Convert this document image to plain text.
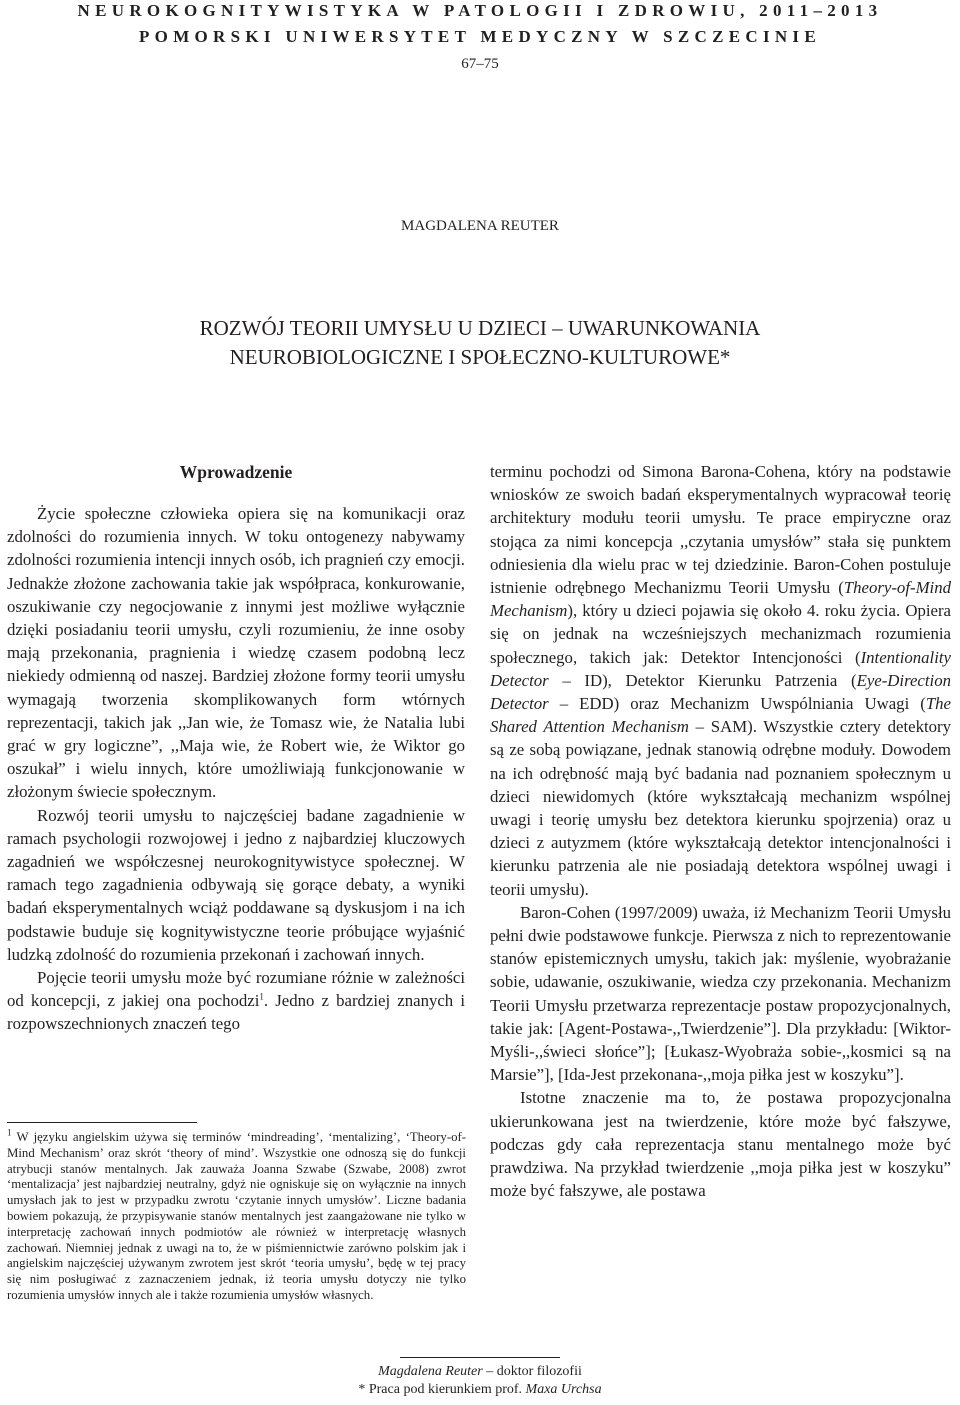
NEUROKOGNITYWISTYKA W PATOLOGII I ZDROWIU, 2011–2013
POMORSKI UNIWERSYTET MEDYCZNY W SZCZECINIE
67–75
MAGDALENA REUTER
ROZWÓJ TEORII UMYSŁU U DZIECI – UWARUNKOWANIA
NEUROBIOLOGICZNE I SPOŁECZNO-KULTUROWE*
Wprowadzenie

Życie społeczne człowieka opiera się na komunikacji oraz zdolności do rozumienia innych. W toku ontogenezy nabywamy zdolności rozumienia intencji innych osób, ich pragnień czy emocji. Jednakże złożone zachowania takie jak współpraca, konkurowanie, oszukiwanie czy negocjowanie z innymi jest możliwe wyłącznie dzięki posiadaniu teorii umysłu, czyli rozumieniu, że inne osoby mają przekonania, pragnienia i wiedzę czasem podobną lecz niekiedy odmienną od naszej. Bardziej złożone formy teorii umysłu wymagają tworzenia skomplikowanych form wtórnych reprezentacji, takich jak ,,Jan wie, że Tomasz wie, że Natalia lubi grać w gry logiczne”, ,,Maja wie, że Robert wie, że Wiktor go oszukał” i wielu innych, które umożliwiają funkcjonowanie w złożonym świecie społecznym.

Rozwój teorii umysłu to najczęściej badane zagadnienie w ramach psychologii rozwojowej i jedno z najbardziej kluczowych zagadnień we współczesnej neurokognitywistyce społecznej. W ramach tego zagadnienia odbywają się gorące debaty, a wyniki badań eksperymentalnych wciąż poddawane są dyskusjom i na ich podstawie buduje się kognitywistyczne teorie próbujące wyjaśnić ludzką zdolność do rozumienia przekonań i zachowań innych.

Pojęcie teorii umysłu może być rozumiane różnie w zależności od koncepcji, z jakiej ona pochodzi$^1$. Jedno z bardziej znanych i rozpowszechnionych znaczeń tego

$^1$ W języku angielskim używa się terminów ‘mindreading’, ‘mentalizing’, ‘Theory-of-Mind Mechanism’ oraz skrót ‘theory of mind’. Wszystkie one odnoszą się do funkcji atrybucji stanów mentalnych. Jak zauważa Joanna Szwabe (Szwabe, 2008) zwrot ‘mentalizacja’ jest najbardziej neutralny, gdyż nie ogniskuje się on wyłącznie na innych umysłach jak to jest w przypadku zwrotu ‘czytanie innych umysłów’. Liczne badania bowiem pokazują, że przypisywanie stanów mentalnych jest zaangażowane nie tylko w interpretację zachowań innych podmiotów ale również w interpretację własnych zachowań. Niemniej jednak z uwagi na to, że w piśmiennictwie zarówno polskim jak i angielskim najczęściej używanym zwrotem jest skrót ‘teoria umysłu’, będę w tej pracy się nim posługiwać z zaznaczeniem jednak, iż teoria umysłu dotyczy nie tylko rozumienia umysłów innych ale i także rozumienia umysłów własnych.

terminu pochodzi od Simona Barona-Cohena, który na podstawie wniosków ze swoich badań eksperymentalnych wypracował teorię architektury modułu teorii umysłu. Te prace empiryczne oraz stojąca za nimi koncepcja ,,czytania umysłów” stała się punktem odniesienia dla wielu prac w tej dziedzinie. Baron-Cohen postuluje istnienie odrębnego Mechanizmu Teorii Umysłu (Theory-of-Mind Mechanism), który u dzieci pojawia się około 4. roku życia. Opiera się on jednak na wcześniejszych mechanizmach rozumienia społecznego, takich jak: Detektor Intencjoności (Intentionality Detector – ID), Detektor Kierunku Patrzenia (Eye-Direction Detector – EDD) oraz Mechanizm Uwspólniania Uwagi (The Shared Attention Mechanism – SAM). Wszystkie cztery detektory są ze sobą powiązane, jednak stanowią odrębne moduły. Dowodem na ich odrębność mają być badania nad poznaniem społecznym u dzieci niewidomych (które wykształcają mechanizm wspólnej uwagi i teorię umysłu bez detektora kierunku spojrzenia) oraz u dzieci z autyzmem (które wykształcają detektor intencjonalności i kierunku patrzenia ale nie posiadają detektora wspólnej uwagi i teorii umysłu).

Baron-Cohen (1997/2009) uważa, iż Mechanizm Teorii Umysłu pełni dwie podstawowe funkcje. Pierwsza z nich to reprezentowanie stanów epistemicznych umysłu, takich jak: myślenie, wyobrażanie sobie, udawanie, oszukiwanie, wiedza czy przekonania. Mechanizm Teorii Umysłu przetwarza reprezentacje postaw propozycjonalnych, takie jak: [Agent-Postawa-,,Twierdzenie”]. Dla przykładu: [Wiktor-Myśli-,,świeci słońce”]; [Łukasz-Wyobraża sobie-,,kosmici są na Marsie”], [Ida-Jest przekonana-,,moja piłka jest w koszyku”].

Istotne znaczenie ma to, że postawa propozycjonalna ukierunkowana jest na twierdzenie, które może być fałszywe, podczas gdy cała reprezentacja stanu mentalnego może być prawdziwa. Na przykład twierdzenie ,,moja piłka jest w koszyku” może być fałszywe, ale postawa

Magdalena Reuter – doktor filozofii
* Praca pod kierunkiem prof. Maxa Urchsa
